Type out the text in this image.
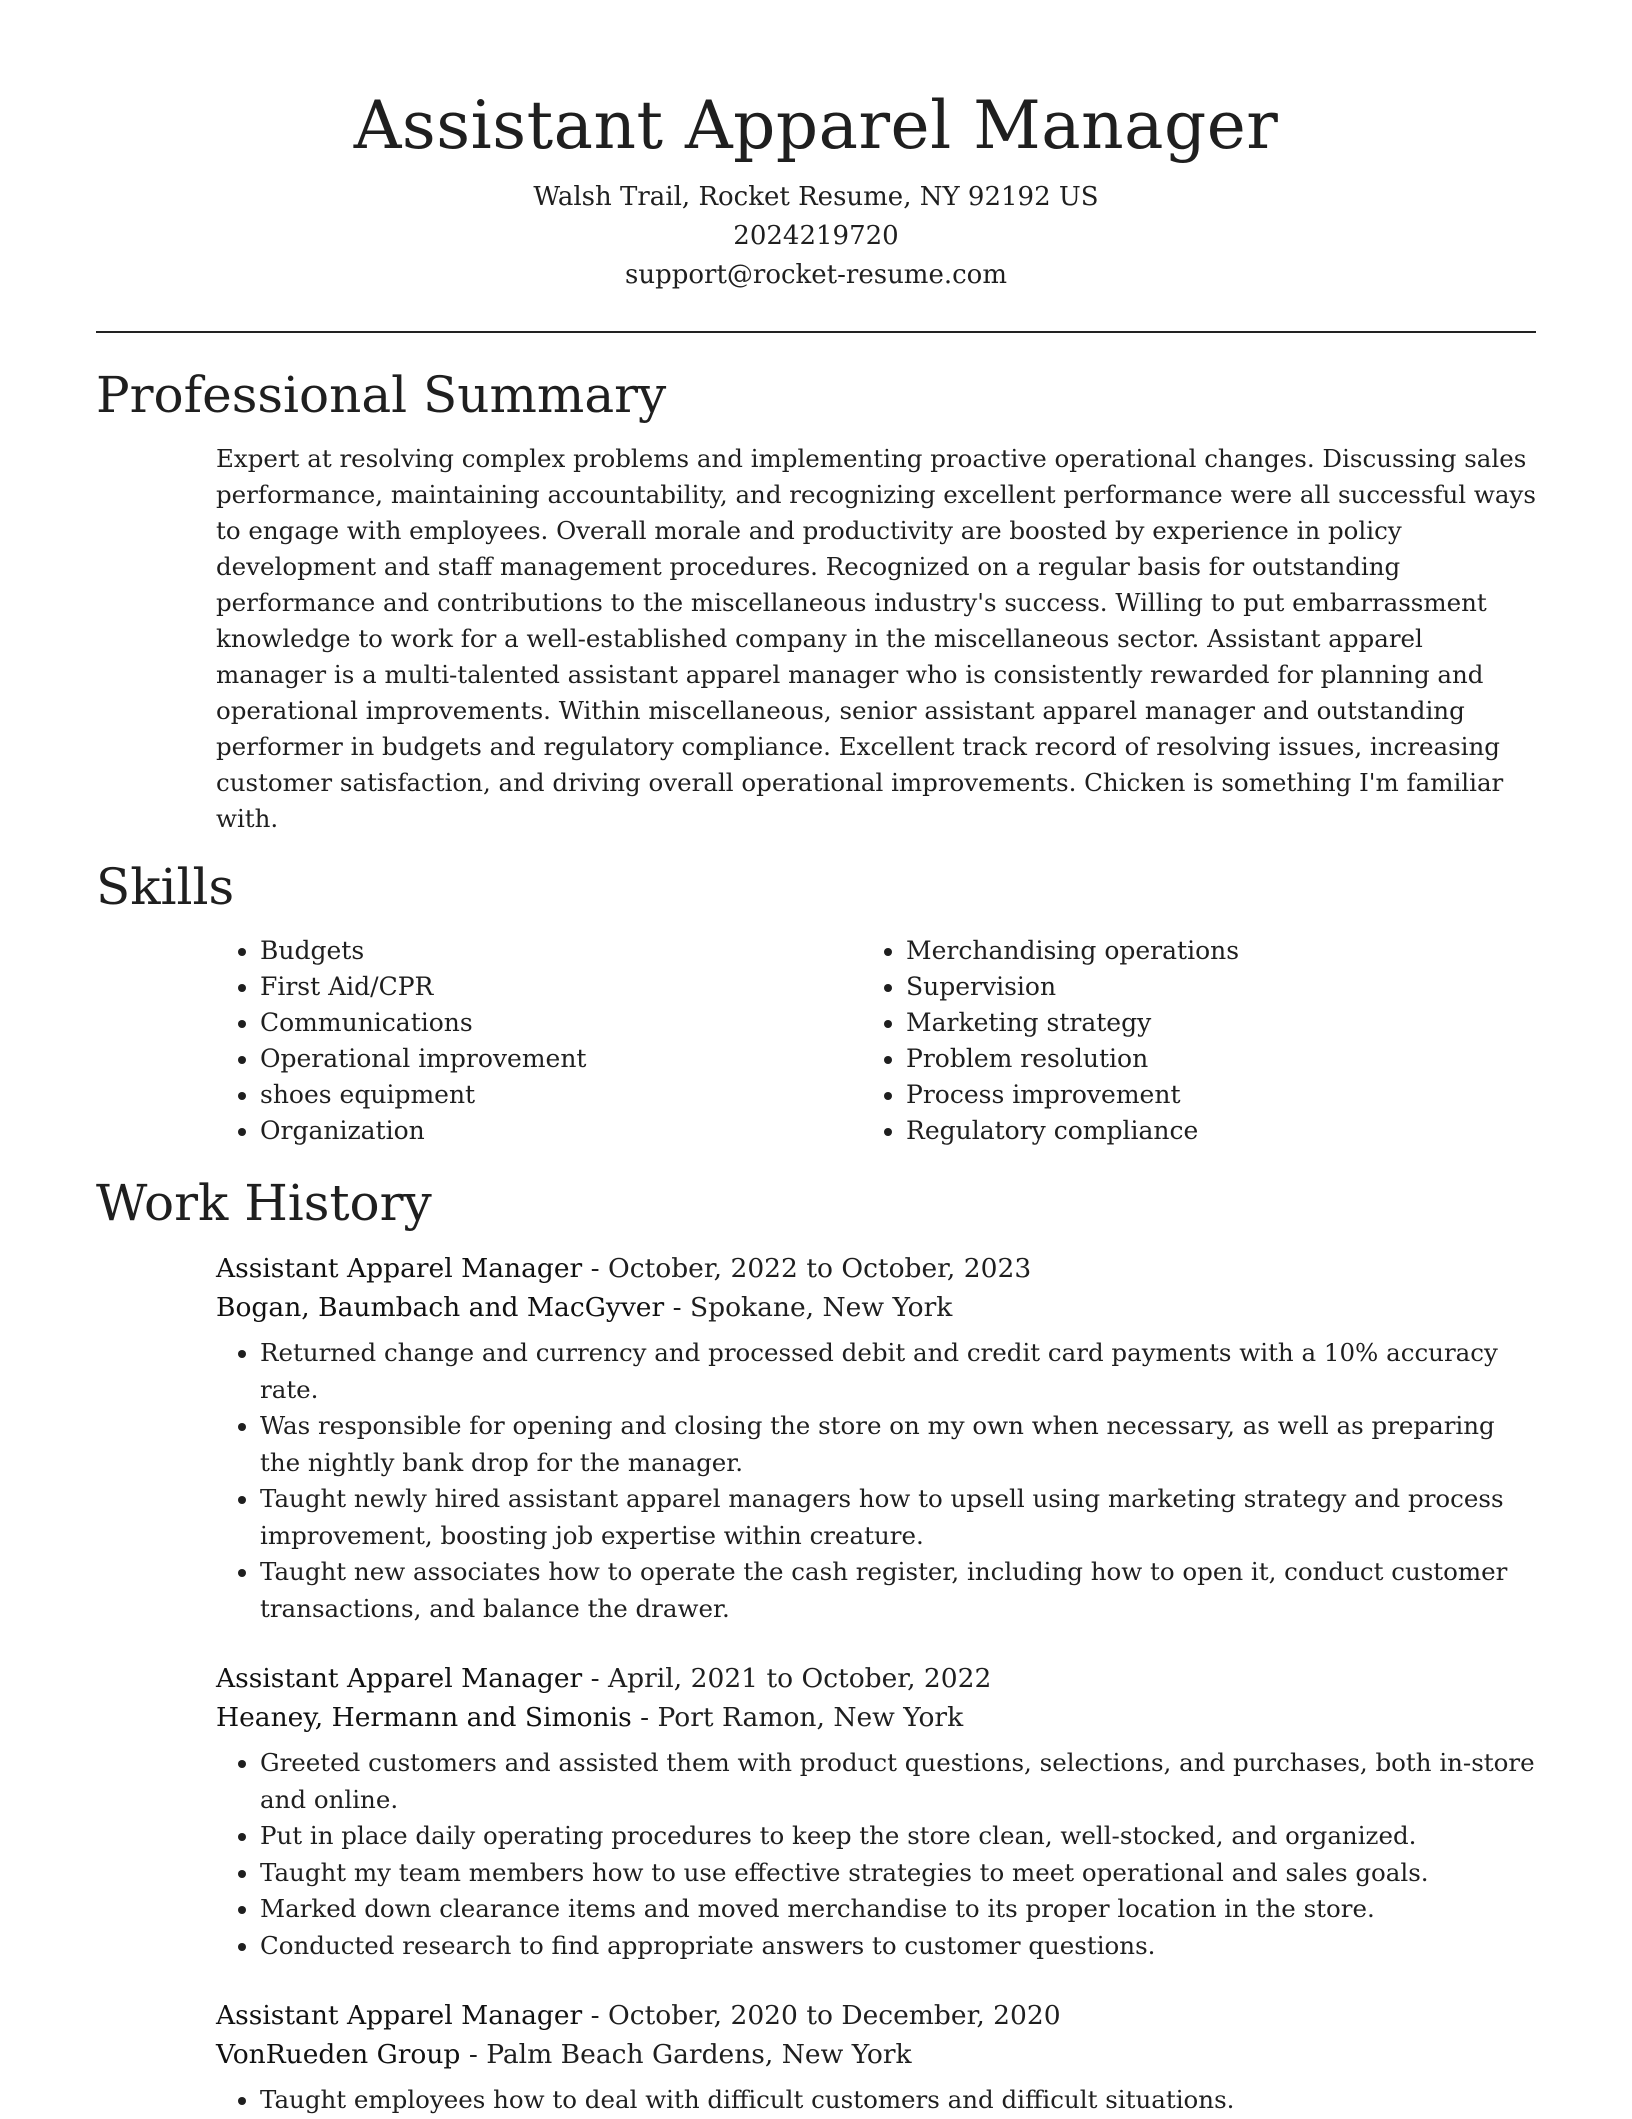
Assistant Apparel Manager

Walsh Trail, Rocket Resume, NY 92192 US

2024219720

support@rocket-resume.com

Professional Summary

Expert at resolving complex problems and implementing proactive operational changes. Discussing sales performance, maintaining accountability, and recognizing excellent performance were all successful ways to engage with employees. Overall morale and productivity are boosted by experience in policy development and staff management procedures. Recognized on a regular basis for outstanding performance and contributions to the miscellaneous industry's success. Willing to put embarrassment knowledge to work for a well-established company in the miscellaneous sector. Assistant apparel manager is a multi-talented assistant apparel manager who is consistently rewarded for planning and operational improvements. Within miscellaneous, senior assistant apparel manager and outstanding performer in budgets and regulatory compliance. Excellent track record of resolving issues, increasing customer satisfaction, and driving overall operational improvements. Chicken is something I'm familiar with.

Skills
• Budgets
• First Aid/CPR
• Communications
• Operational improvement
• shoes equipment
• Organization
• Merchandising operations
• Supervision
• Marketing strategy
• Problem resolution
• Process improvement
• Regulatory compliance
Work History

Assistant Apparel Manager - October, 2022 to October, 2023

Bogan, Baumbach and MacGyver - Spokane, New York

• Returned change and currency and processed debit and credit card payments with a 10% accuracy rate.
• Was responsible for opening and closing the store on my own when necessary, as well as preparing the nightly bank drop for the manager.
• Taught newly hired assistant apparel managers how to upsell using marketing strategy and process improvement, boosting job expertise within creature.
• Taught new associates how to operate the cash register, including how to open it, conduct customer transactions, and balance the drawer.

Assistant Apparel Manager - April, 2021 to October, 2022

Heaney, Hermann and Simonis - Port Ramon, New York

• Greeted customers and assisted them with product questions, selections, and purchases, both in-store and online.
• Put in place daily operating procedures to keep the store clean, well-stocked, and organized.
• Taught my team members how to use effective strategies to meet operational and sales goals.
• Marked down clearance items and moved merchandise to its proper location in the store.
• Conducted research to find appropriate answers to customer questions.

Assistant Apparel Manager - October, 2020 to December, 2020

VonRueden Group - Palm Beach Gardens, New York

• Taught employees how to deal with difficult customers and difficult situations.
